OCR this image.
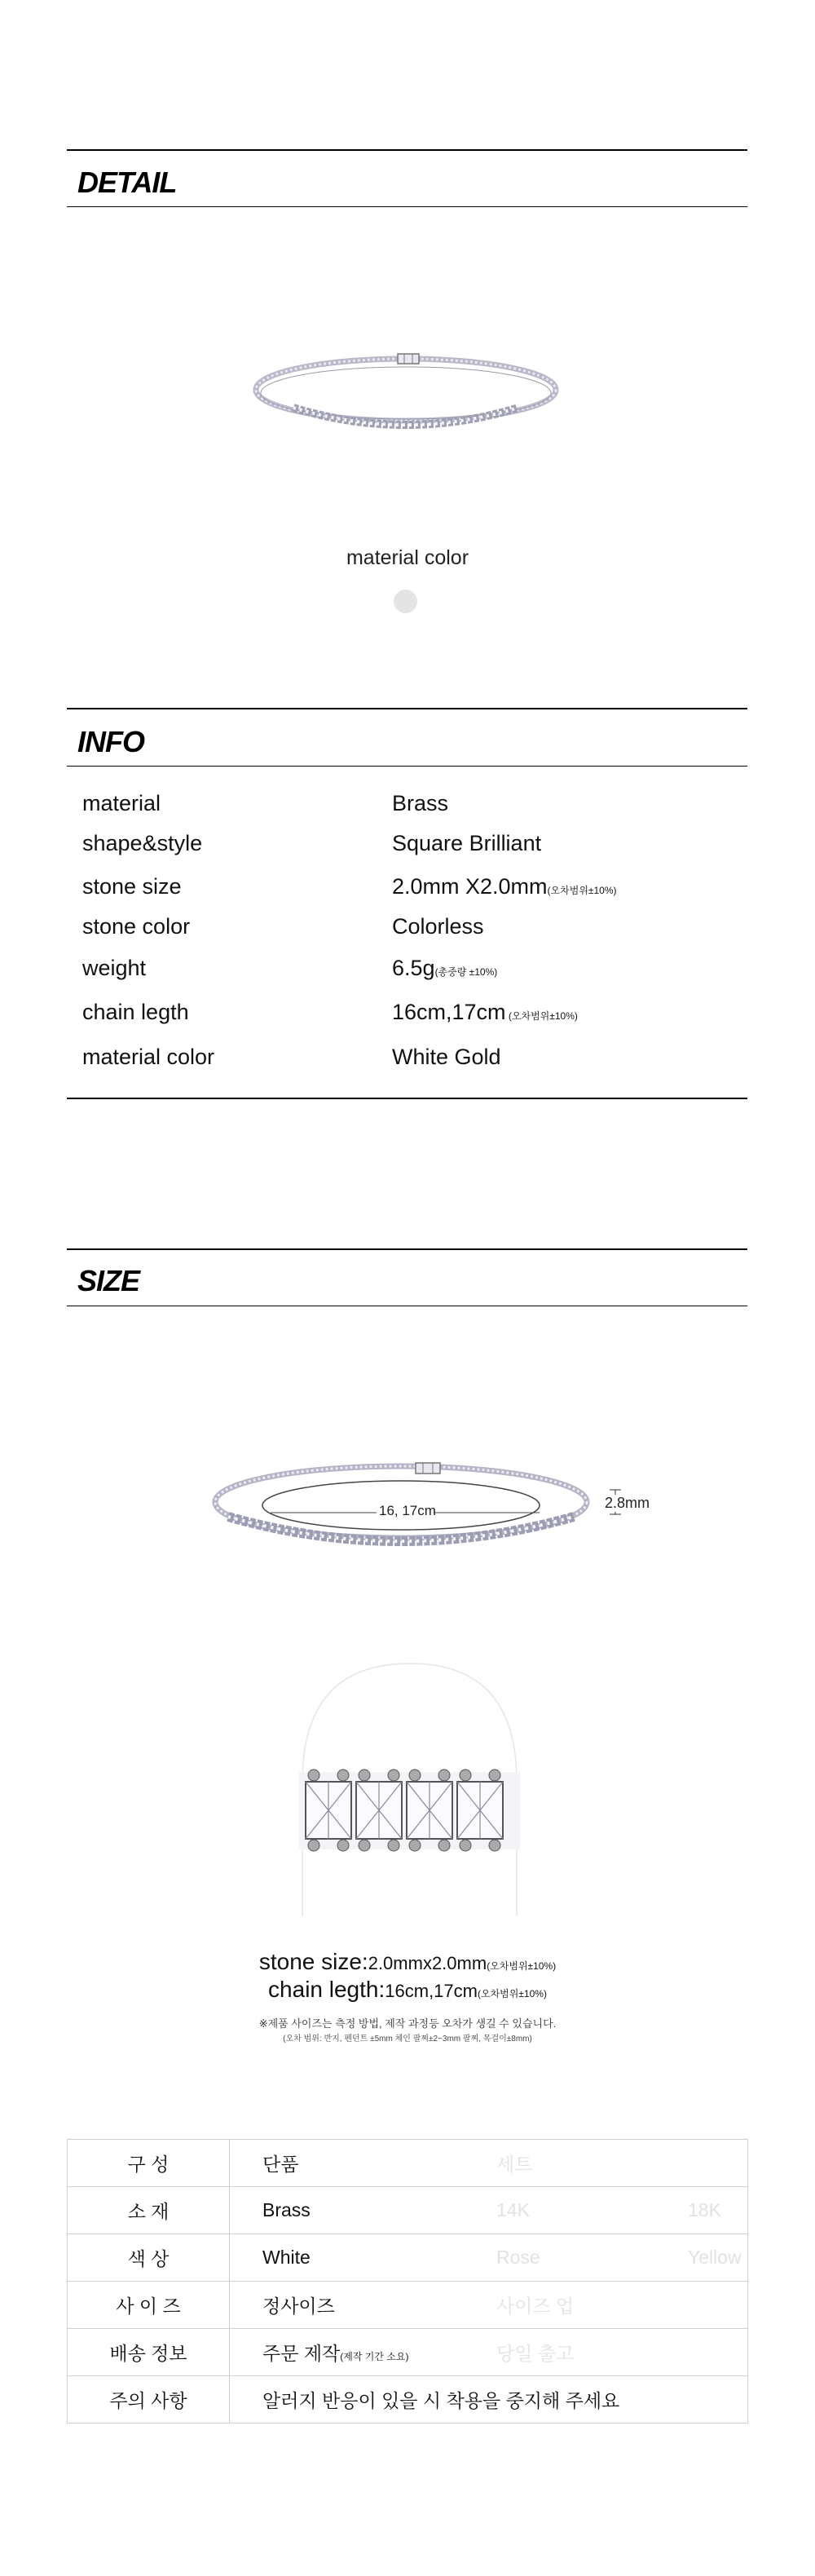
DETAIL
material color
INFO
material	Brass
shape&style	Square Brilliant
stone size	2.0mm X2.0mm(오차범위±10%)
stone color	Colorless
weight	6.5g(총중량 ±10%)
chain legth	16cm,17cm (오차범위±10%)
material color	White Gold
SIZE
16, 17cm	2.8mm
stone size:2.0mmx2.0mm(오차범위±10%)
chain legth:16cm,17cm(오차범위±10%)
※제품 사이즈는 측정 방법, 제작 과정등 오차가 생길 수 있습니다.
(오차 범위: 반지, 펜던트 ±5mm 체인 팔찌±2~3mm 팔찌, 목걸이±8mm)
구 성	단품	세트	
소 재	Brass	14K	18K
색 상	White	Rose	Yellow
사 이 즈	정사이즈	사이즈 업	
배송 정보	주문 제작(제작 기간 소요)	당일 출고	
주의 사항	알러지 반응이 있을 시 착용을 중지해 주세요		
